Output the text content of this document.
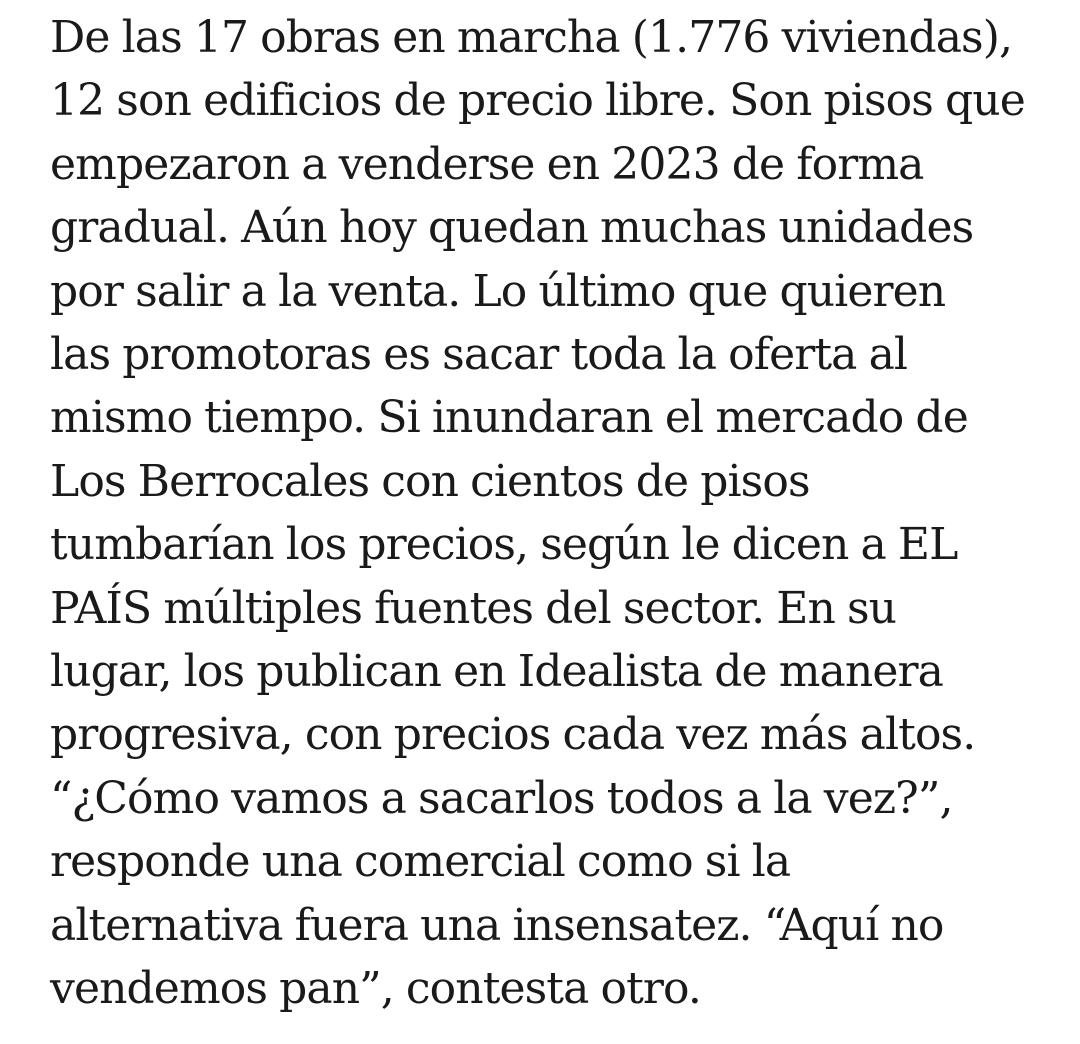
De las 17 obras en marcha (1.776 viviendas),
12 son edificios de precio libre. Son pisos que
empezaron a venderse en 2023 de forma
gradual. Aún hoy quedan muchas unidades
por salir a la venta. Lo último que quieren
las promotoras es sacar toda la oferta al
mismo tiempo. Si inundaran el mercado de
Los Berrocales con cientos de pisos
tumbarían los precios, según le dicen a EL
PAÍS múltiples fuentes del sector. En su
lugar, los publican en Idealista de manera
progresiva, con precios cada vez más altos.
“¿Cómo vamos a sacarlos todos a la vez?”,
responde una comercial como si la
alternativa fuera una insensatez. “Aquí no
vendemos pan”, contesta otro.
